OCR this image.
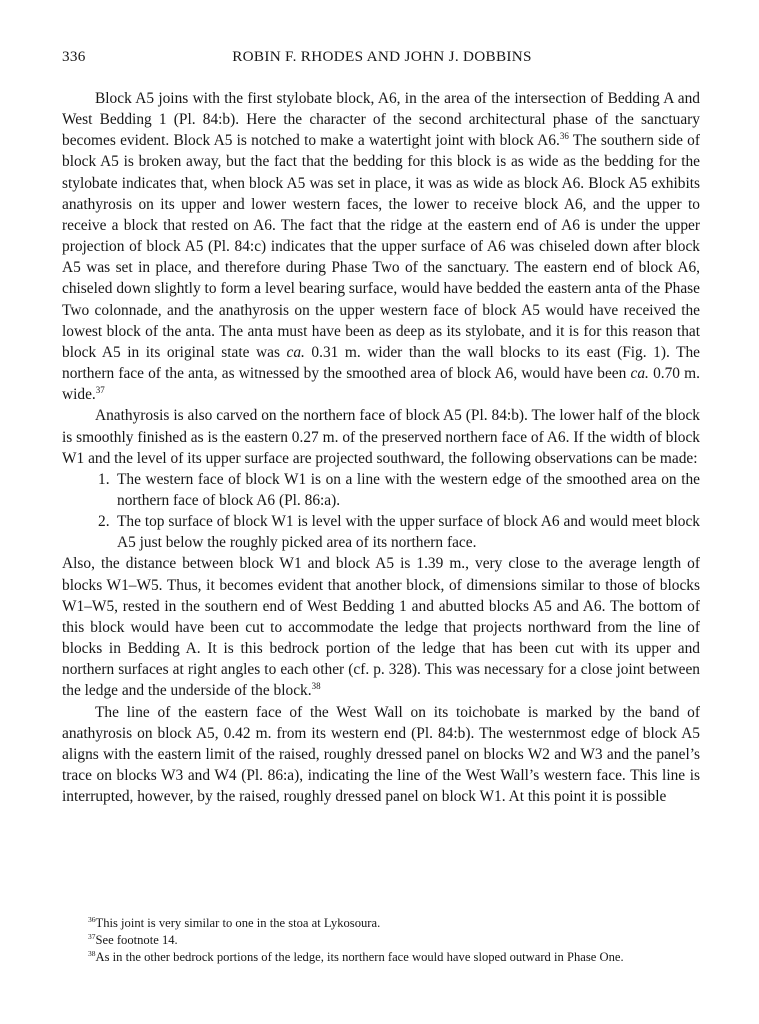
336	ROBIN F. RHODES AND JOHN J. DOBBINS

Block A5 joins with the first stylobate block, A6, in the area of the intersection of Bedding A and West Bedding 1 (Pl. 84:b). Here the character of the second architectural phase of the sanctuary becomes evident. Block A5 is notched to make a watertight joint with block A6.36 The southern side of block A5 is broken away, but the fact that the bedding for this block is as wide as the bedding for the stylobate indicates that, when block A5 was set in place, it was as wide as block A6. Block A5 exhibits anathyrosis on its upper and lower western faces, the lower to receive block A6, and the upper to receive a block that rested on A6. The fact that the ridge at the eastern end of A6 is under the upper projection of block A5 (Pl. 84:c) indicates that the upper surface of A6 was chiseled down after block A5 was set in place, and therefore during Phase Two of the sanctuary. The eastern end of block A6, chiseled down slightly to form a level bearing surface, would have bedded the eastern anta of the Phase Two colonnade, and the anathyrosis on the upper western face of block A5 would have received the lowest block of the anta. The anta must have been as deep as its stylobate, and it is for this reason that block A5 in its original state was ca. 0.31 m. wider than the wall blocks to its east (Fig. 1). The northern face of the anta, as witnessed by the smoothed area of block A6, would have been ca. 0.70 m. wide.$^{37}$

Anathyrosis is also carved on the northern face of block A5 (Pl. 84:b). The lower half of the block is smoothly finished as is the eastern 0.27 m. of the preserved northern face of A6. If the width of block W1 and the level of its upper surface are projected southward, the following observations can be made:

1. The western face of block W1 is on a line with the western edge of the smoothed area on the northern face of block A6 (Pl. 86:a).
2. The top surface of block W1 is level with the upper surface of block A6 and would meet block A5 just below the roughly picked area of its northern face.

Also, the distance between block W1 and block A5 is 1.39 m., very close to the average length of blocks W1–W5. Thus, it becomes evident that another block, of dimensions similar to those of blocks W1–W5, rested in the southern end of West Bedding 1 and abutted blocks A5 and A6. The bottom of this block would have been cut to accommodate the ledge that projects northward from the line of blocks in Bedding A. It is this bedrock portion of the ledge that has been cut with its upper and northern surfaces at right angles to each other (cf. p. 328). This was necessary for a close joint between the ledge and the underside of the block.$^{38}$

The line of the eastern face of the West Wall on its toichobate is marked by the band of anathyrosis on block A5, 0.42 m. from its western end (Pl. 84:b). The westernmost edge of block A5 aligns with the eastern limit of the raised, roughly dressed panel on blocks W2 and W3 and the panel’s trace on blocks W3 and W4 (Pl. 86:a), indicating the line of the West Wall’s western face. This line is interrupted, however, by the raised, roughly dressed panel on block W1. At this point it is possible

$^{36}$This joint is very similar to one in the stoa at Lykosoura.

$^{37}$See footnote 14.

$^{38}$As in the other bedrock portions of the ledge, its northern face would have sloped outward in Phase One.
